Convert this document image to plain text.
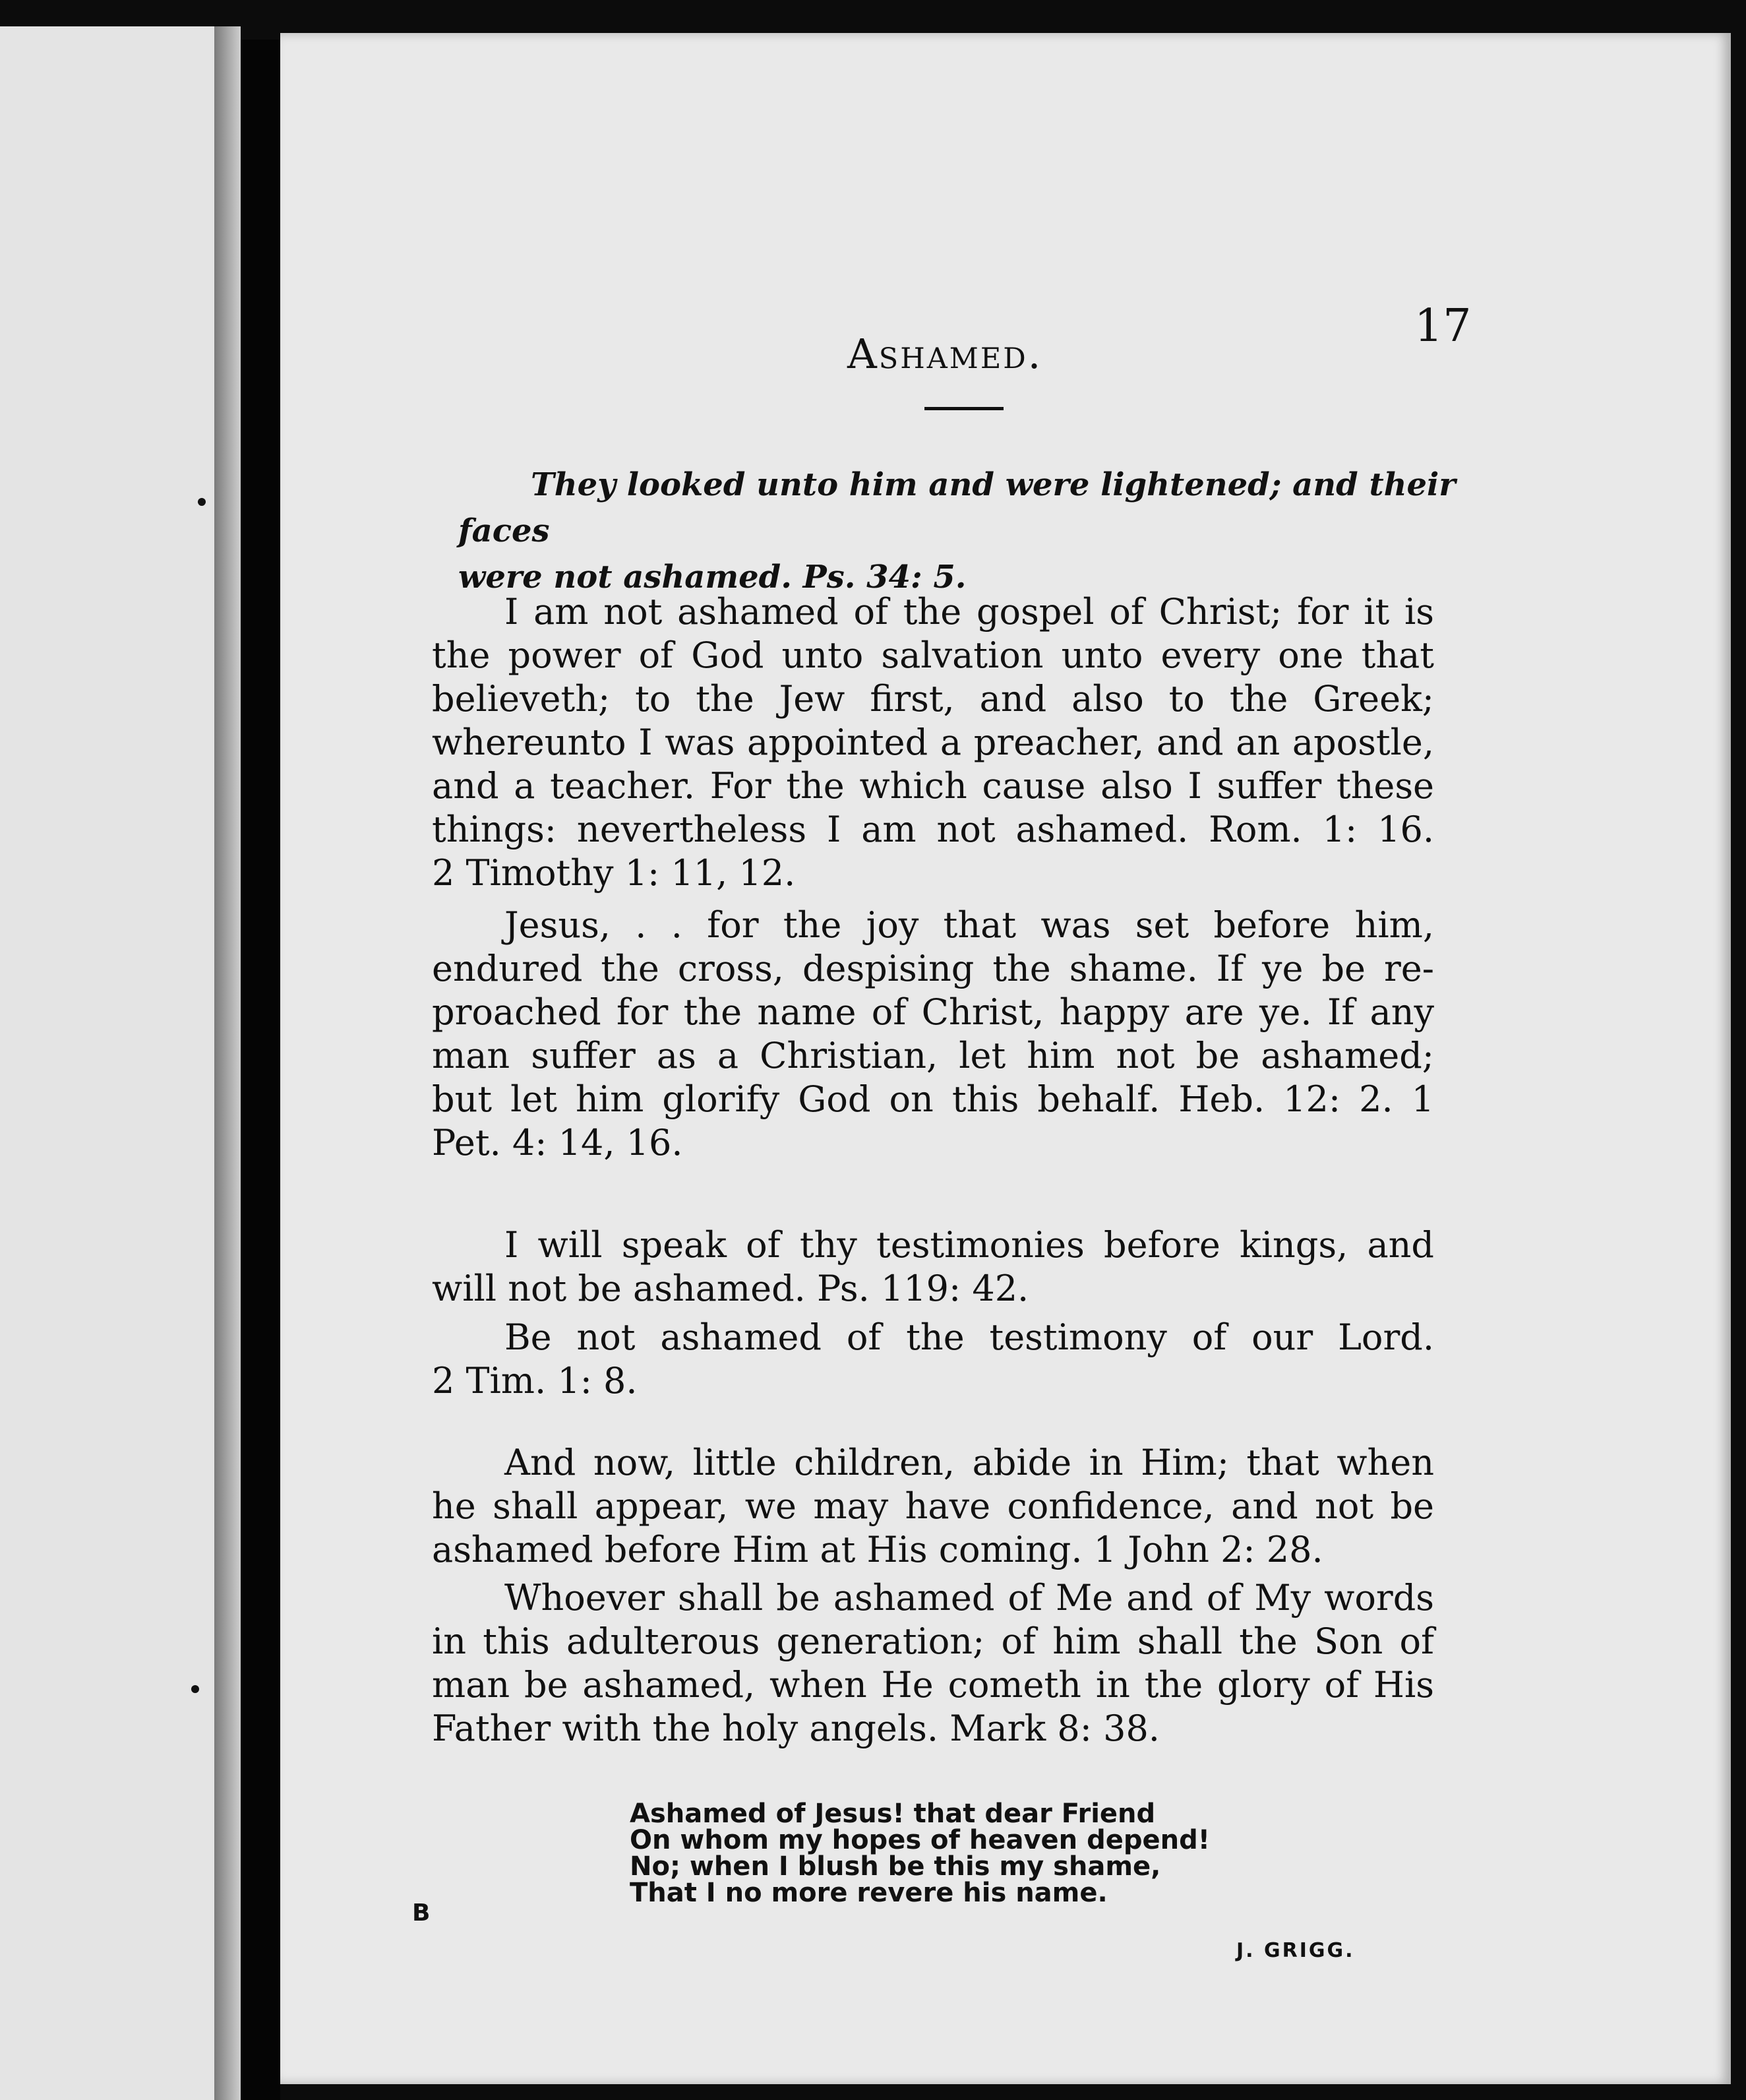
17
Ashamed.

They looked unto him and were lightened; and their faces

were not ashamed. Ps. 34: 5.

I am not ashamed of the gospel of Christ; for it is
the power of God unto salvation unto every one that
believeth; to the Jew first, and also to the Greek;
whereunto I was appointed a preacher, and an apostle,
and a teacher. For the which cause also I suffer these
things: nevertheless I am not ashamed. Rom. 1: 16.
2 Timothy 1: 11, 12.
Jesus, . . for the joy that was set before him,
endured the cross, despising the shame. If ye be re-
proached for the name of Christ, happy are ye. If any
man suffer as a Christian, let him not be ashamed;
but let him glorify God on this behalf. Heb. 12: 2. 1
Pet. 4: 14, 16.
I will speak of thy testimonies before kings, and
will not be ashamed. Ps. 119: 42.
Be not ashamed of the testimony of our Lord.
2 Tim. 1: 8.
And now, little children, abide in Him; that when
he shall appear, we may have confidence, and not be
ashamed before Him at His coming. 1 John 2: 28.
Whoever shall be ashamed of Me and of My words
in this adulterous generation; of him shall the Son of
man be ashamed, when He cometh in the glory of His
Father with the holy angels. Mark 8: 38.
Ashamed of Jesus! that dear Friend
On whom my hopes of heaven depend!
No; when I blush be this my shame,
That I no more revere his name.
B
J. GRIGG.
